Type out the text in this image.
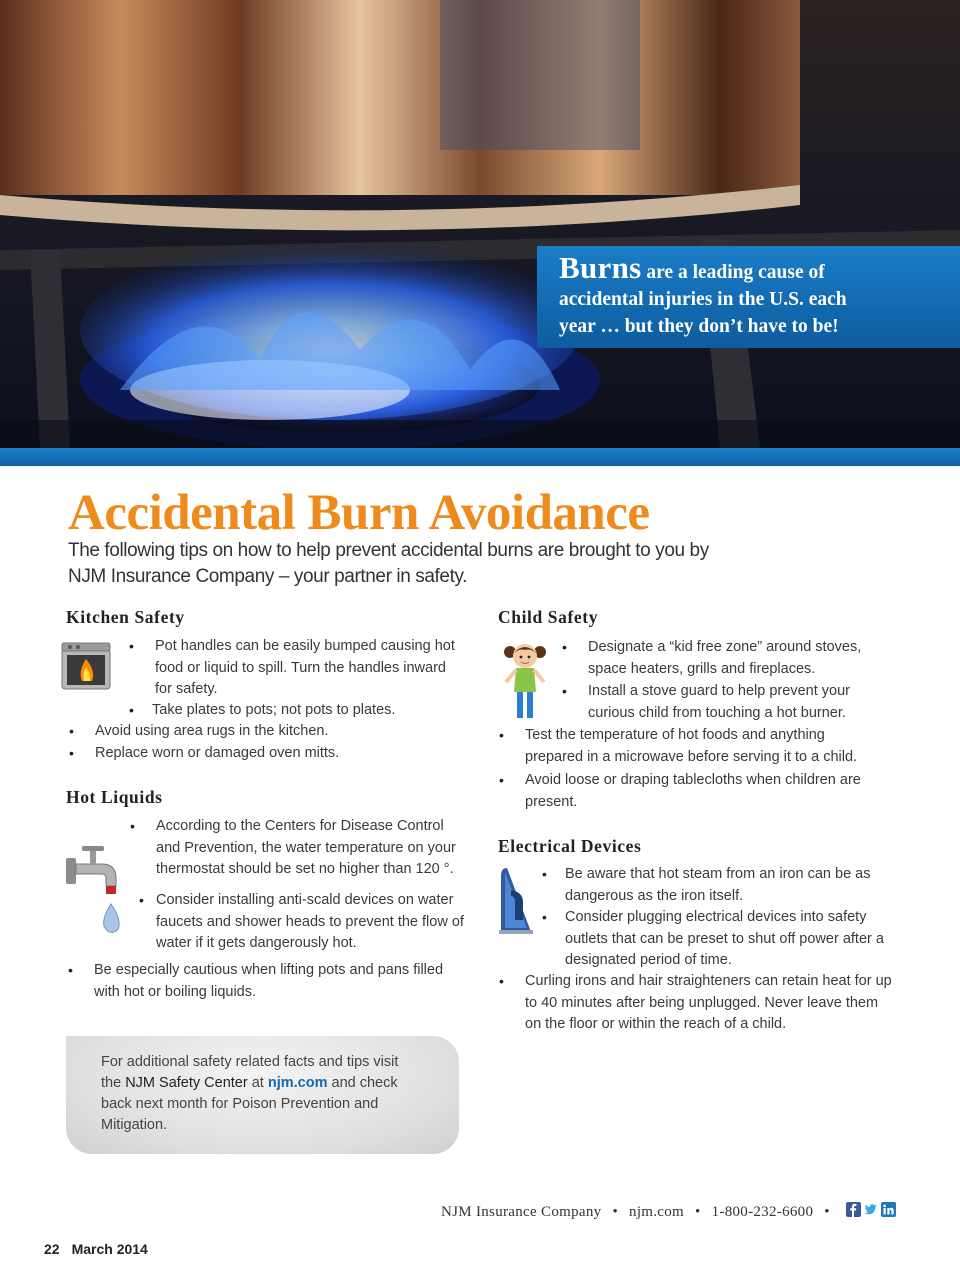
Burns are a leading cause of
accidental injuries in the U.S. each
year … but they don’t have to be!
Accidental Burn Avoidance
The following tips on how to help prevent accidental burns are brought to you by NJM Insurance Company – your partner in safety.
Kitchen Safety
• Pot handles can be easily bumped causing hot food or liquid to spill. Turn the handles inward for safety.
• Take plates to pots; not pots to plates.
• Avoid using area rugs in the kitchen.
• Replace worn or damaged oven mitts.
Hot Liquids
• According to the Centers for Disease Control and Prevention, the water temperature on your thermostat should be set no higher than 120 °.
• Consider installing anti-scald devices on water faucets and shower heads to prevent the flow of water if it gets dangerously hot.
• Be especially cautious when lifting pots and pans filled with hot or boiling liquids.
Child Safety
• Designate a “kid free zone” around stoves, space heaters, grills and fireplaces.
• Install a stove guard to help prevent your curious child from touching a hot burner.
• Test the temperature of hot foods and anything prepared in a microwave before serving it to a child.
• Avoid loose or draping tablecloths when children are present.
Electrical Devices
• Be aware that hot steam from an iron can be as dangerous as the iron itself.
• Consider plugging electrical devices into safety outlets that can be preset to shut off power after a designated period of time.
• Curling irons and hair straighteners can retain heat for up to 40 minutes after being unplugged. Never leave them on the floor or within the reach of a child.
For additional safety related facts and tips visit the NJM Safety Center at njm.com and check back next month for Poison Prevention and Mitigation.
NJM Insurance Company • njm.com • 1-800-232-6600 •
22 March 2014
